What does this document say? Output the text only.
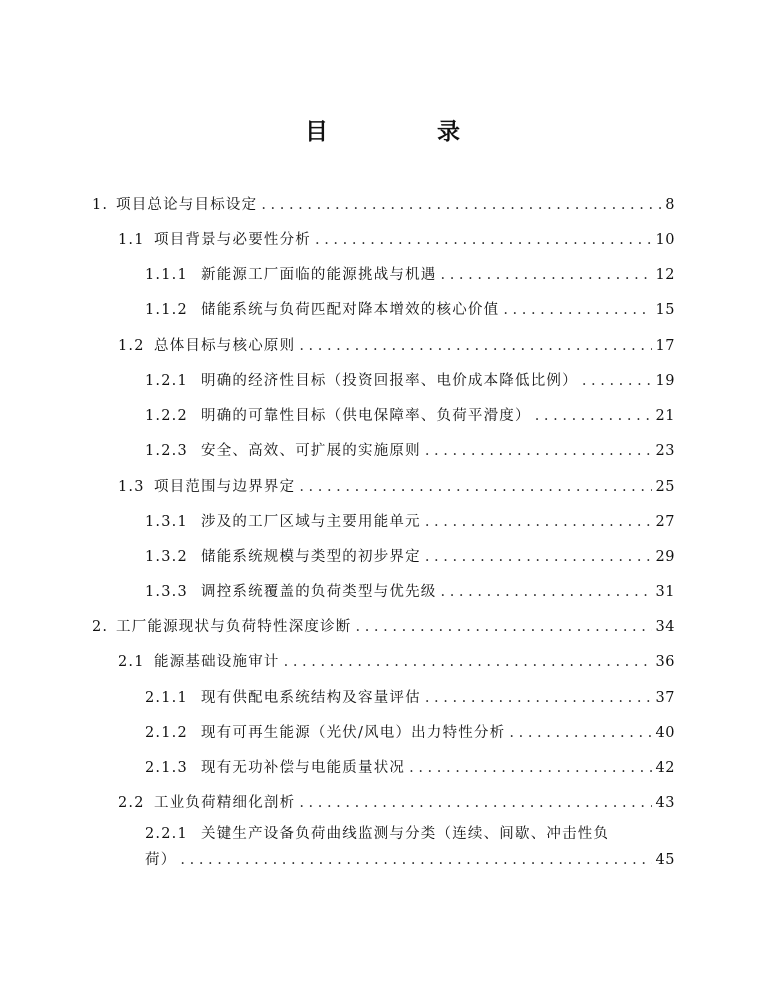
目　录
1. 项目总论与目标设定 . . .	8
1.1 项目背景与必要性分析 . . .	10
1.1.1 新能源工厂面临的能源挑战与机遇 . . .	12
1.1.2 储能系统与负荷匹配对降本增效的核心价值 . . .	15
1.2 总体目标与核心原则 . . .	17
1.2.1 明确的经济性目标（投资回报率、电价成本降低比例） . . .	19
1.2.2 明确的可靠性目标（供电保障率、负荷平滑度） . . .	21
1.2.3 安全、高效、可扩展的实施原则 . . .	23
1.3 项目范围与边界界定 . . .	25
1.3.1 涉及的工厂区域与主要用能单元 . . .	27
1.3.2 储能系统规模与类型的初步界定 . . .	29
1.3.3 调控系统覆盖的负荷类型与优先级 . . .	31
2. 工厂能源现状与负荷特性深度诊断 . . .	34
2.1 能源基础设施审计 . . .	36
2.1.1 现有供配电系统结构及容量评估 . . .	37
2.1.2 现有可再生能源（光伏/风电）出力特性分析 . . .	40
2.1.3 现有无功补偿与电能质量状况 . . .	42
2.2 工业负荷精细化剖析 . . .	43
2.2.1 关键生产设备负荷曲线监测与分类（连续、间歇、冲击性负
荷） . . .	45
